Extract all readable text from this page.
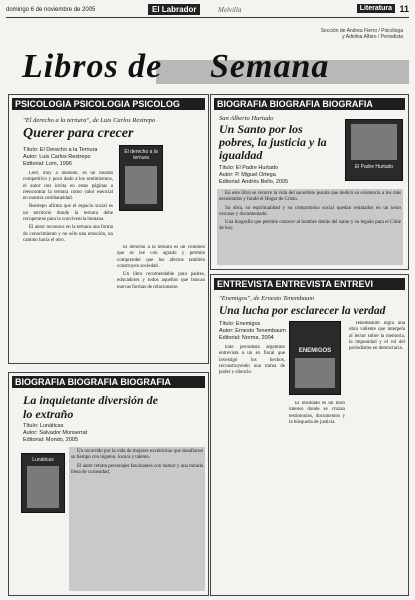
domingo 6 de noviembre de 2005	El Labrador	Melvilla	Literatura 11
Libros de Semana
Sección de Andrea Fierro / Psicóloga
y Adelina Alfaro / Periodista
PSICOLOGIA PSICOLOGIA PSICOLOG
"El derecho a la ternura", de Luis Carlos Restrepo
Querer para crecer
Título: El Derecho a la Ternura
Autor: Luis Carlos Restrepo
Editorial: Lom, 1996
El derecho a la ternura

Leer, muy a menudo, es un mundo competitivo y poco dado a los sentimientos, el autor nos invita en estas páginas a reencontrar la ternura como valor esencial en nuestra cotidianeidad.

Restrepo afirma que el espacio social es un territorio donde la ternura debe recuperarse para la convivencia humana.

El autor reconoce en la ternura una forma de conocimiento y no sólo una emoción, un camino hacia el otro.

El derecho a la ternura es un volumen que se lee con agrado y permite comprender que los afectos también construyen sociedad.

Un libro recomendable para padres, educadores y todos aquellos que buscan nuevas formas de relacionarse.

BIOGRAFIA BIOGRAFIA BIOGRAFIA
San Alberto Hurtado
Un Santo por los pobres, la justicia y la igualdad
Título: El Padre Hurtado
Autor: P. Miguel Ortega
Editorial: Andrés Bello, 2005
El Padre Hurtado

En este libro se recorre la vida del sacerdote jesuita que dedicó su existencia a los más necesitados y fundó el Hogar de Cristo.

Su obra, su espiritualidad y su compromiso social quedan retratados en un texto cercano y documentado.

Una biografía que permite conocer al hombre detrás del santo y su legado para el Chile de hoy.

ENTREVISTA ENTREVISTA ENTREVI
"Enemigos", de Ernesto Tenembaum
Una lucha por esclarecer la verdad
Título: Enemigos
Autor: Ernesto Tenembaum
Editorial: Norma, 2004
ENEMIGOS

Este periodista argentino entrevista a un ex fiscal que investigó los hechos, reconstruyendo una trama de poder y silencio.

El resultado es un libro intenso donde se cruzan testimonios, documentos y la búsqueda de justicia.

Tenembaum logra una obra valiente que interpela al lector sobre la memoria, la impunidad y el rol del periodismo en democracia.

BIOGRAFIA BIOGRAFIA BIOGRAFIA
La inquietante diversión de lo extraño
Título: Lunáticas
Autor: Salvador Monserrat
Editorial: Mondo, 2005
Lunáticas

Un recorrido por la vida de mujeres excéntricas que desafiaron su tiempo con ingenio, locura y talento.

El autor retrata personajes fascinantes con humor y una mirada llena de curiosidad.
